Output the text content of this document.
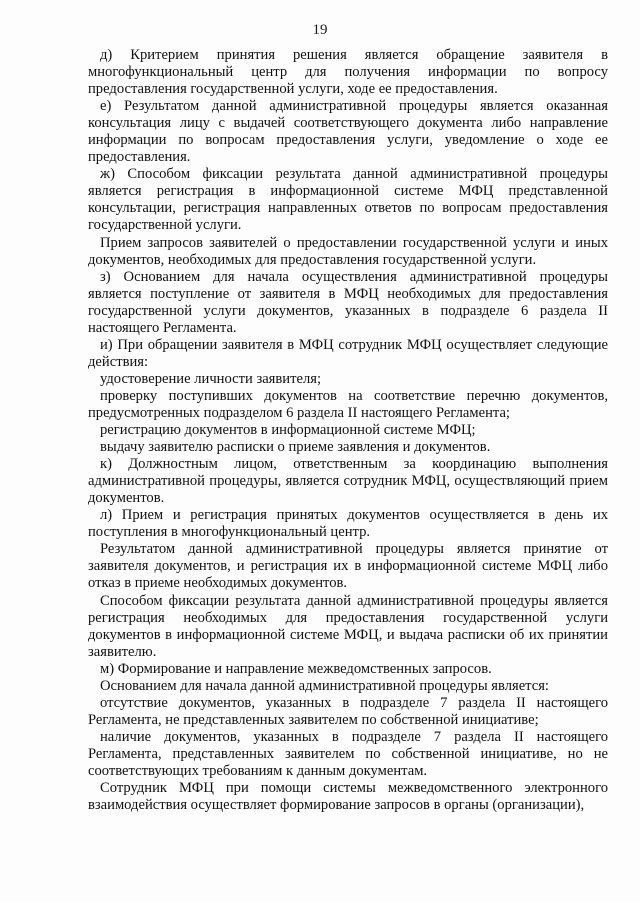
19

д) Критерием принятия решения является обращение заявителя в многофункциональный центр для получения информации по вопросу предоставления государственной услуги, ходе ее предоставления.

е) Результатом данной административной процедуры является оказанная консультация лицу с выдачей соответствующего документа либо направление информации по вопросам предоставления услуги, уведомление о ходе ее предоставления.

ж) Способом фиксации результата данной административной процедуры является регистрация в информационной системе МФЦ представленной консультации, регистрация направленных ответов по вопросам предоставления государственной услуги.

Прием запросов заявителей о предоставлении государственной услуги и иных документов, необходимых для предоставления государственной услуги.

з) Основанием для начала осуществления административной процедуры является поступление от заявителя в МФЦ необходимых для предоставления государственной услуги документов, указанных в подразделе 6 раздела II настоящего Регламента.

и) При обращении заявителя в МФЦ сотрудник МФЦ осуществляет следующие действия:

удостоверение личности заявителя;

проверку поступивших документов на соответствие перечню документов, предусмотренных подразделом 6 раздела II настоящего Регламента;

регистрацию документов в информационной системе МФЦ;

выдачу заявителю расписки о приеме заявления и документов.

к) Должностным лицом, ответственным за координацию выполнения административной процедуры, является сотрудник МФЦ, осуществляющий прием документов.

л) Прием и регистрация принятых документов осуществляется в день их поступления в многофункциональный центр.

Результатом данной административной процедуры является принятие от заявителя документов, и регистрация их в информационной системе МФЦ либо отказ в приеме необходимых документов.

Способом фиксации результата данной административной процедуры является регистрация необходимых для предоставления государственной услуги документов в информационной системе МФЦ, и выдача расписки об их принятии заявителю.

м) Формирование и направление межведомственных запросов.

Основанием для начала данной административной процедуры является:

отсутствие документов, указанных в подразделе 7 раздела II настоящего Регламента, не представленных заявителем по собственной инициативе;

наличие документов, указанных в подразделе 7 раздела II настоящего Регламента, представленных заявителем по собственной инициативе, но не соответствующих требованиям к данным документам.

Сотрудник МФЦ при помощи системы межведомственного электронного взаимодействия осуществляет формирование запросов в органы (организации),
